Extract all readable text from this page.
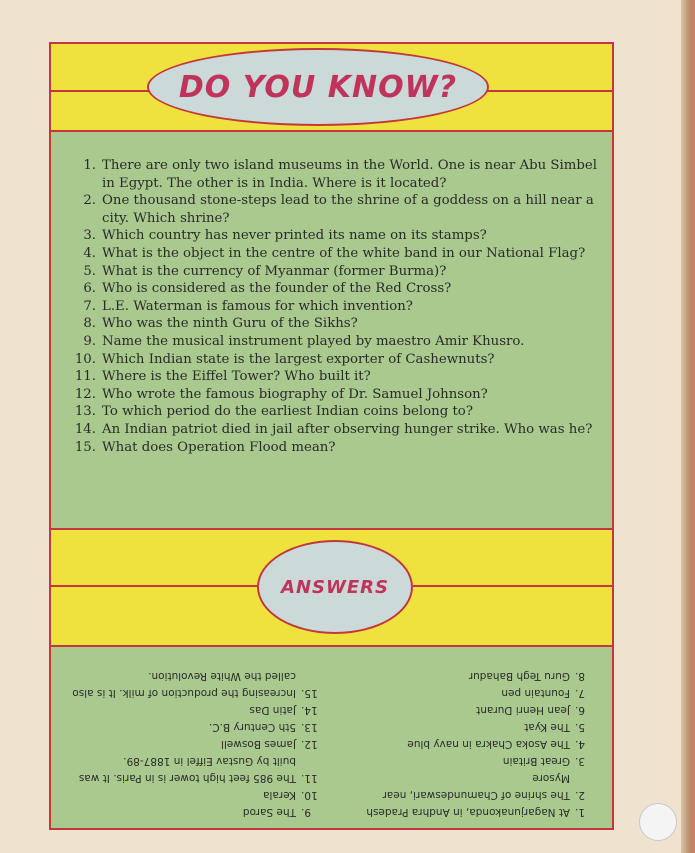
DO YOU KNOW?
1. There are only two island museums in the World. One is near Abu Simbel in Egypt. The other is in India. Where is it located?
2. One thousand stone-steps lead to the shrine of a goddess on a hill near a city. Which shrine?
3. Which country has never printed its name on its stamps?
4. What is the object in the centre of the white band in our National Flag?
5. What is the currency of Myanmar (former Burma)?
6. Who is considered as the founder of the Red Cross?
7. L.E. Waterman is famous for which invention?
8. Who was the ninth Guru of the Sikhs?
9. Name the musical instrument played by maestro Amir Khusro.
10. Which Indian state is the largest exporter of Cashewnuts?
11. Where is the Eiffel Tower? Who built it?
12. Who wrote the famous biography of Dr. Samuel Johnson?
13. To which period do the earliest Indian coins belong to?
14. An Indian patriot died in jail after observing hunger strike. Who was he?
15. What does Operation Flood mean?
ANSWERS
1.
At Nagarjunakonda, in Andhra Pradesh
2.
The shrine of Chamundeswari, near Mysore
3.
Great Britain
4.
The Asoka Chakra in navy blue
5.
The Kyat
6.
Jean Henri Durant
7.
Fountain pen
8.
Guru Tegh Bahadur
9.
The Sarod
10.
Kerala
11.
The 985 feet high tower is in Paris. It was built by Gustav Eiffel in 1887-89.
12.
James Boswell
13.
5th Century B.C.
14.
Jatin Das
15.
Increasing the production of milk. It is also called the White Revolution.
